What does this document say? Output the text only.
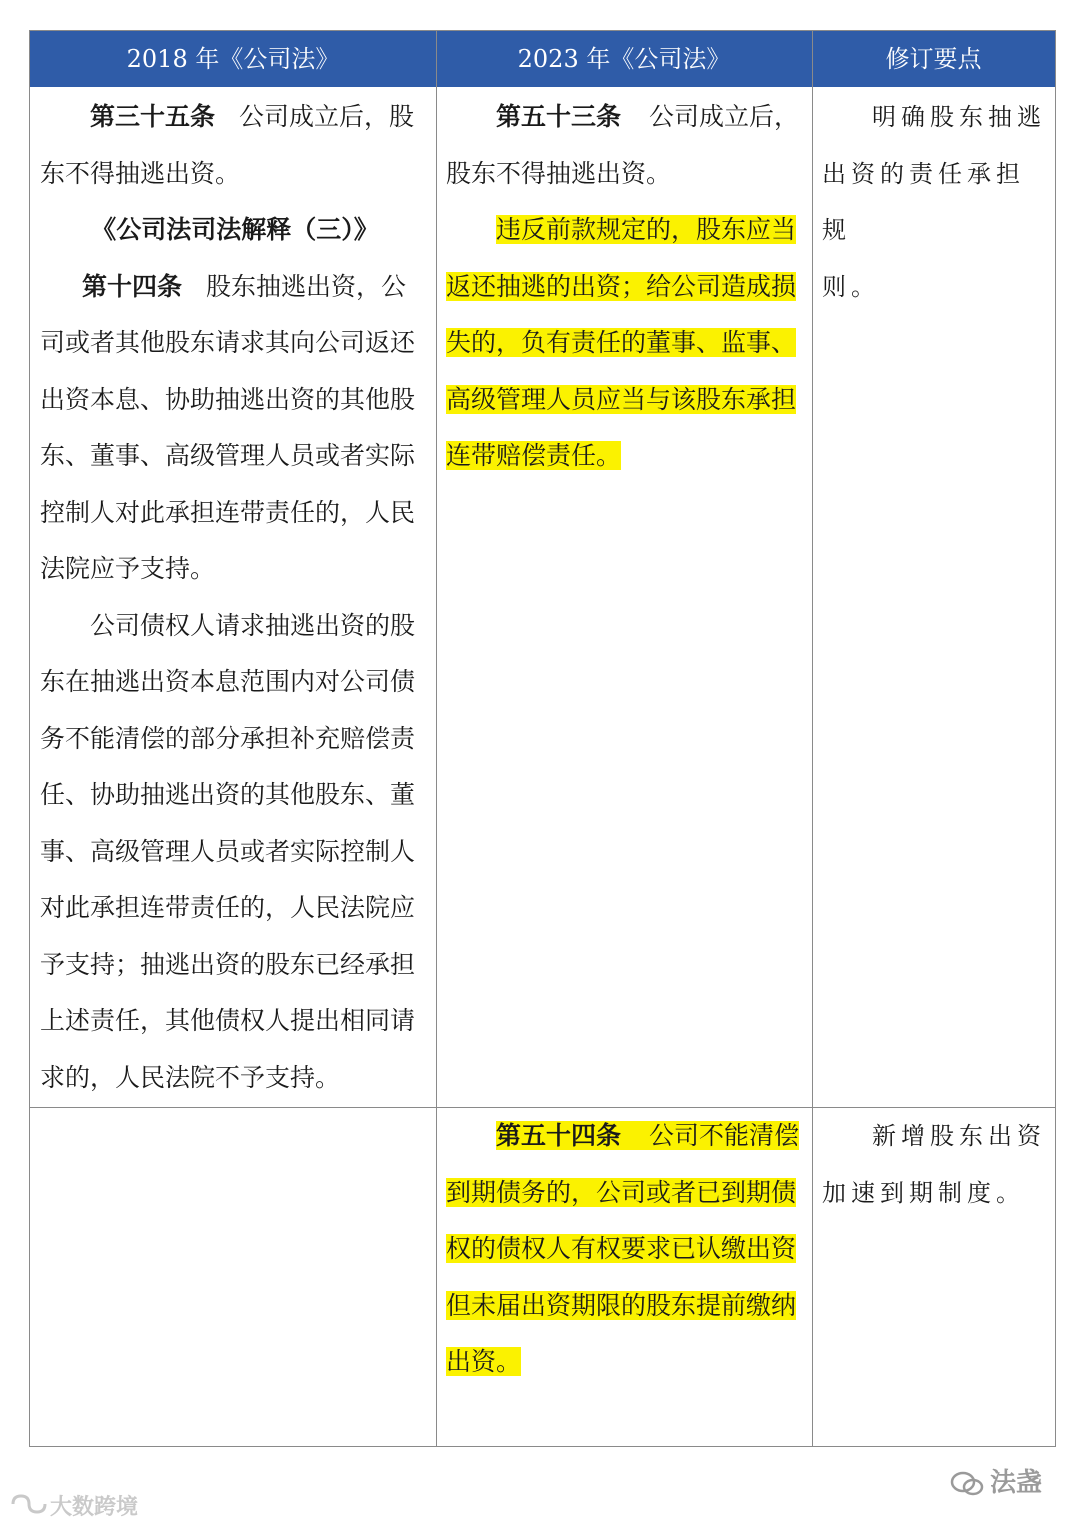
2018 年《公司法》	2023 年《公司法》	修订要点

第三十五条 公司成立后，股

东不得抽逃出资。

《公司法司法解释（三）》

第十四条 股东抽逃出资，公

司或者其他股东请求其向公司返还

出资本息、协助抽逃出资的其他股

东、董事、高级管理人员或者实际

控制人对此承担连带责任的，人民

法院应予支持。

公司债权人请求抽逃出资的股

东在抽逃出资本息范围内对公司债

务不能清偿的部分承担补充赔偿责

任、协助抽逃出资的其他股东、董

事、高级管理人员或者实际控制人

对此承担连带责任的，人民法院应

予支持；抽逃出资的股东已经承担

上述责任，其他债权人提出相同请

求的，人民法院不予支持。

第五十三条 公司成立后，

股东不得抽逃出资。

违反前款规定的，股东应当

返还抽逃的出资；给公司造成损

失的，负有责任的董事、监事、

高级管理人员应当与该股东承担

连带赔偿责任。

明确股东抽逃

出资的责任承担规

则。

第五十四条 公司不能清偿

到期债务的，公司或者已到期债

权的债权人有权要求已认缴出资

但未届出资期限的股东提前缴纳

出资。

新增股东出资

加速到期制度。

法盏
大数跨境
